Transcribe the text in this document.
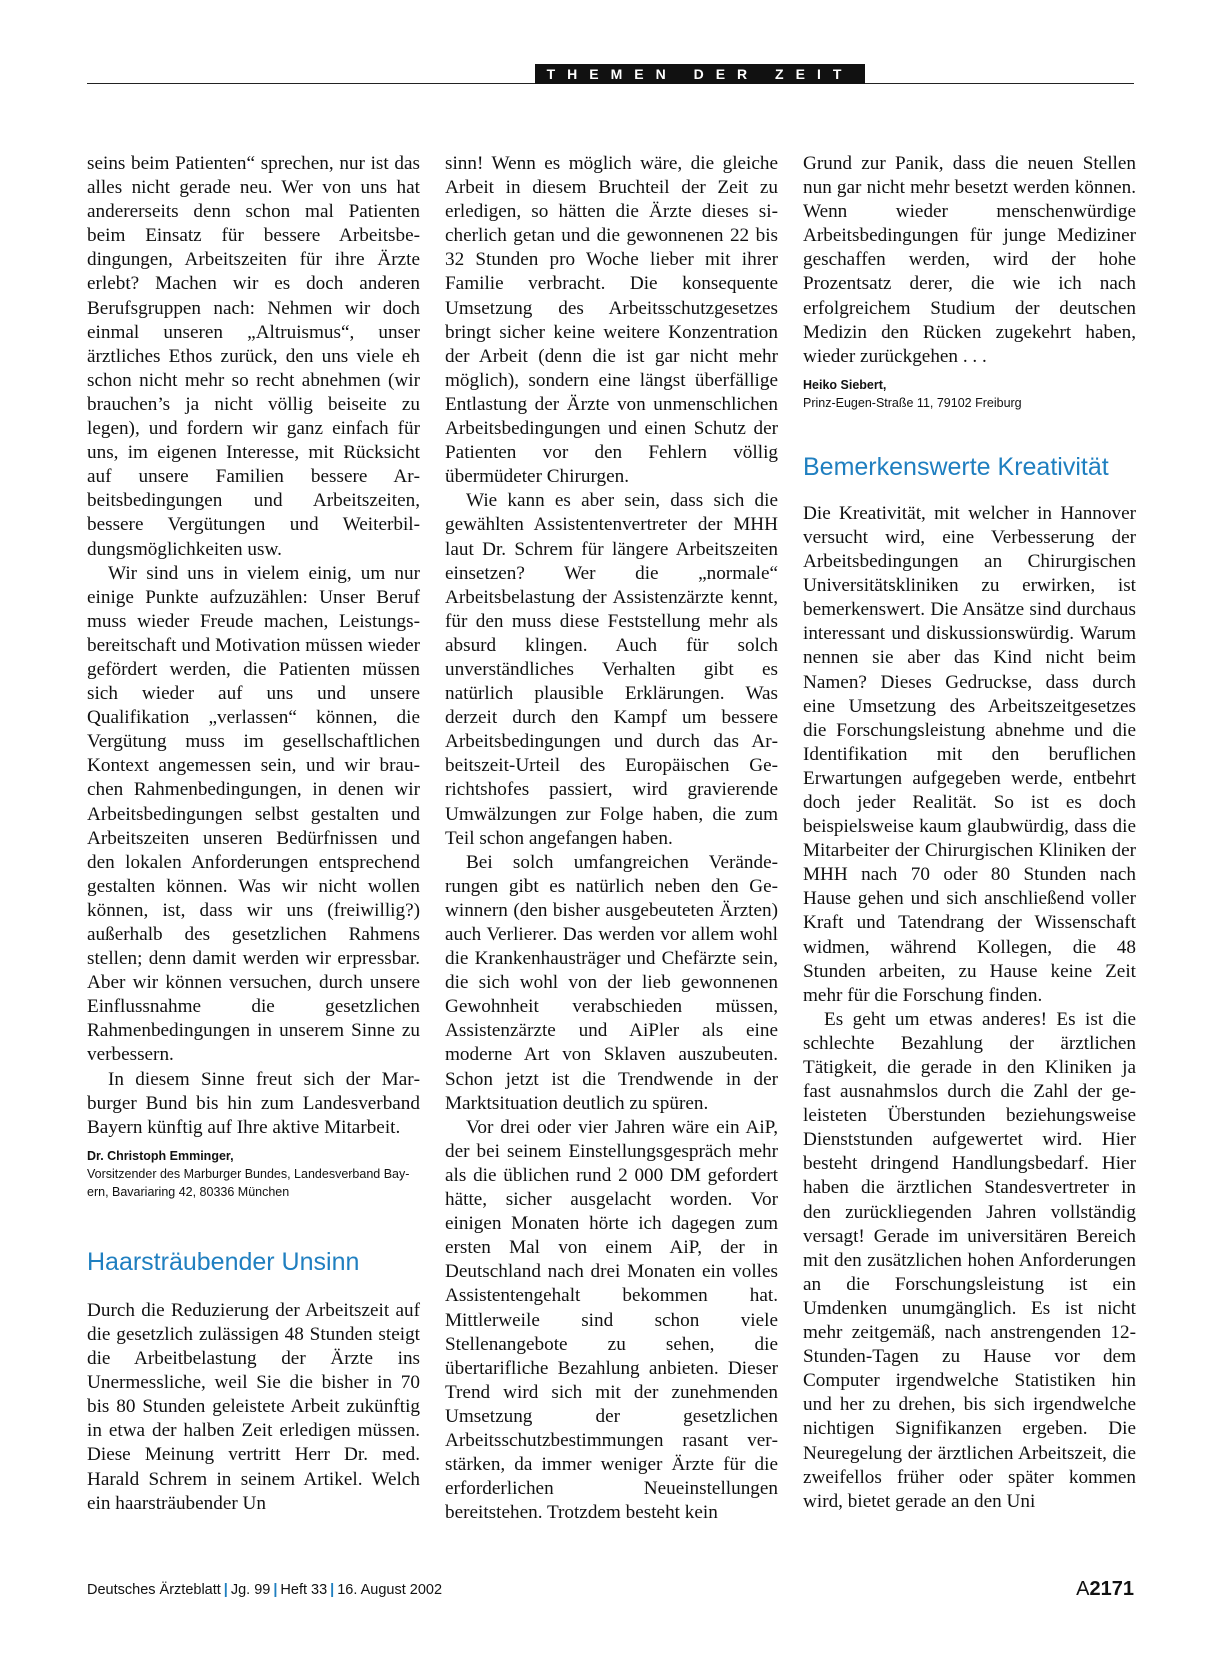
THEMEN DER ZEIT

seins beim Patienten“ sprechen, nur ist das alles nicht gerade neu. Wer von uns hat andererseits denn schon mal Patienten beim Einsatz für bessere Arbeitsbedingungen, Arbeitszeiten für ihre Ärzte erlebt? Machen wir es doch anderen Berufsgruppen nach: Nehmen wir doch einmal unseren „Altruismus“, unser ärztliches Ethos zurück, den uns viele eh schon nicht mehr so recht abnehmen (wir brauchen’s ja nicht völlig beiseite zu legen), und fordern wir ganz einfach für uns, im eigenen Interesse, mit Rücksicht auf unsere Familien bessere Arbeitsbedingungen und Arbeitszeiten, bessere Vergütungen und Weiterbildungsmöglichkeiten usw.

Wir sind uns in vielem einig, um nur einige Punkte aufzuzählen: Unser Beruf muss wieder Freude machen, Leistungsbereitschaft und Motivation müssen wieder gefördert werden, die Patienten müssen sich wieder auf uns und unsere Qualifikation „verlassen“ können, die Vergütung muss im gesellschaftlichen Kontext angemessen sein, und wir brauchen Rahmenbedingungen, in denen wir Arbeitsbedingungen selbst gestalten und Arbeitszeiten unseren Bedürfnissen und den lokalen Anforderungen entsprechend gestalten können. Was wir nicht wollen können, ist, dass wir uns (freiwillig?) außerhalb des gesetzlichen Rahmens stellen; denn damit werden wir erpressbar. Aber wir können versuchen, durch unsere Einflussnahme die gesetzlichen Rahmenbedingungen in unserem Sinne zu verbessern.

In diesem Sinne freut sich der Marburger Bund bis hin zum Landesverband Bayern künftig auf Ihre aktive Mitarbeit.

Dr. Christoph Emminger,
Vorsitzender des Marburger Bundes, Landesverband Bayern, Bavariaring 42, 80336 München
Haarsträubender Unsinn

Durch die Reduzierung der Arbeitszeit auf die gesetzlich zulässigen 48 Stunden steigt die Arbeitbelastung der Ärzte ins Unermessliche, weil Sie die bisher in 70 bis 80 Stunden geleistete Arbeit zukünftig in etwa der halben Zeit erledigen müssen. Diese Meinung vertritt Herr Dr. med. Harald Schrem in seinem Artikel. Welch ein haarsträubender Un

sinn! Wenn es möglich wäre, die gleiche Arbeit in diesem Bruchteil der Zeit zu erledigen, so hätten die Ärzte dieses sicherlich getan und die gewonnenen 22 bis 32 Stunden pro Woche lieber mit ihrer Familie verbracht. Die konsequente Umsetzung des Arbeitsschutzgesetzes bringt sicher keine weitere Konzentration der Arbeit (denn die ist gar nicht mehr möglich), sondern eine längst überfällige Entlastung der Ärzte von unmenschlichen Arbeitsbedingungen und einen Schutz der Patienten vor den Fehlern völlig übermüdeter Chirurgen.

Wie kann es aber sein, dass sich die gewählten Assistentenvertreter der MHH laut Dr. Schrem für längere Arbeitszeiten einsetzen? Wer die „normale“ Arbeitsbelastung der Assistenzärzte kennt, für den muss diese Feststellung mehr als absurd klingen. Auch für solch unverständliches Verhalten gibt es natürlich plausible Erklärungen. Was derzeit durch den Kampf um bessere Arbeitsbedingungen und durch das Arbeitszeit-Urteil des Europäischen Gerichtshofes passiert, wird gravierende Umwälzungen zur Folge haben, die zum Teil schon angefangen haben.

Bei solch umfangreichen Veränderungen gibt es natürlich neben den Gewinnern (den bisher ausgebeuteten Ärzten) auch Verlierer. Das werden vor allem wohl die Krankenhausträger und Chefärzte sein, die sich wohl von der lieb gewonnenen Gewohnheit verabschieden müssen, Assistenzärzte und AiPler als eine moderne Art von Sklaven auszubeuten. Schon jetzt ist die Trendwende in der Marktsituation deutlich zu spüren.

Vor drei oder vier Jahren wäre ein AiP, der bei seinem Einstellungsgespräch mehr als die üblichen rund 2 000 DM gefordert hätte, sicher ausgelacht worden. Vor einigen Monaten hörte ich dagegen zum ersten Mal von einem AiP, der in Deutschland nach drei Monaten ein volles Assistentengehalt bekommen hat. Mittlerweile sind schon viele Stellenangebote zu sehen, die übertarifliche Bezahlung anbieten. Dieser Trend wird sich mit der zunehmenden Umsetzung der gesetzlichen Arbeitsschutzbestimmungen rasant verstärken, da immer weniger Ärzte für die erforderlichen Neueinstellungen bereitstehen. Trotzdem besteht kein

Grund zur Panik, dass die neuen Stellen nun gar nicht mehr besetzt werden können. Wenn wieder menschenwürdige Arbeitsbedingungen für junge Mediziner geschaffen werden, wird der hohe Prozentsatz derer, die wie ich nach erfolgreichem Studium der deutschen Medizin den Rücken zugekehrt haben, wieder zurückgehen . . .

Heiko Siebert,
Prinz-Eugen-Straße 11, 79102 Freiburg
Bemerkenswerte Kreativität

Die Kreativität, mit welcher in Hannover versucht wird, eine Verbesserung der Arbeitsbedingungen an Chirurgischen Universitätskliniken zu erwirken, ist bemerkenswert. Die Ansätze sind durchaus interessant und diskussionswürdig. Warum nennen sie aber das Kind nicht beim Namen? Dieses Gedruckse, dass durch eine Umsetzung des Arbeitszeitgesetzes die Forschungsleistung abnehme und die Identifikation mit den beruflichen Erwartungen aufgegeben werde, entbehrt doch jeder Realität. So ist es doch beispielsweise kaum glaubwürdig, dass die Mitarbeiter der Chirurgischen Kliniken der MHH nach 70 oder 80 Stunden nach Hause gehen und sich anschließend voller Kraft und Tatendrang der Wissenschaft widmen, während Kollegen, die 48 Stunden arbeiten, zu Hause keine Zeit mehr für die Forschung finden.

Es geht um etwas anderes! Es ist die schlechte Bezahlung der ärztlichen Tätigkeit, die gerade in den Kliniken ja fast ausnahmslos durch die Zahl der geleisteten Überstunden beziehungsweise Dienststunden aufgewertet wird. Hier besteht dringend Handlungsbedarf. Hier haben die ärztlichen Standesvertreter in den zurückliegenden Jahren vollständig versagt! Gerade im universitären Bereich mit den zusätzlichen hohen Anforderungen an die Forschungsleistung ist ein Umdenken unumgänglich. Es ist nicht mehr zeitgemäß, nach anstrengenden 12-Stunden-Tagen zu Hause vor dem Computer irgendwelche Statistiken hin und her zu drehen, bis sich irgendwelche nichtigen Signifikanzen ergeben. Die Neuregelung der ärztlichen Arbeitszeit, die zweifellos früher oder später kommen wird, bietet gerade an den Uni

Deutsches Ärzteblatt | Jg. 99 | Heft 33 | 16. August 2002	A2171
